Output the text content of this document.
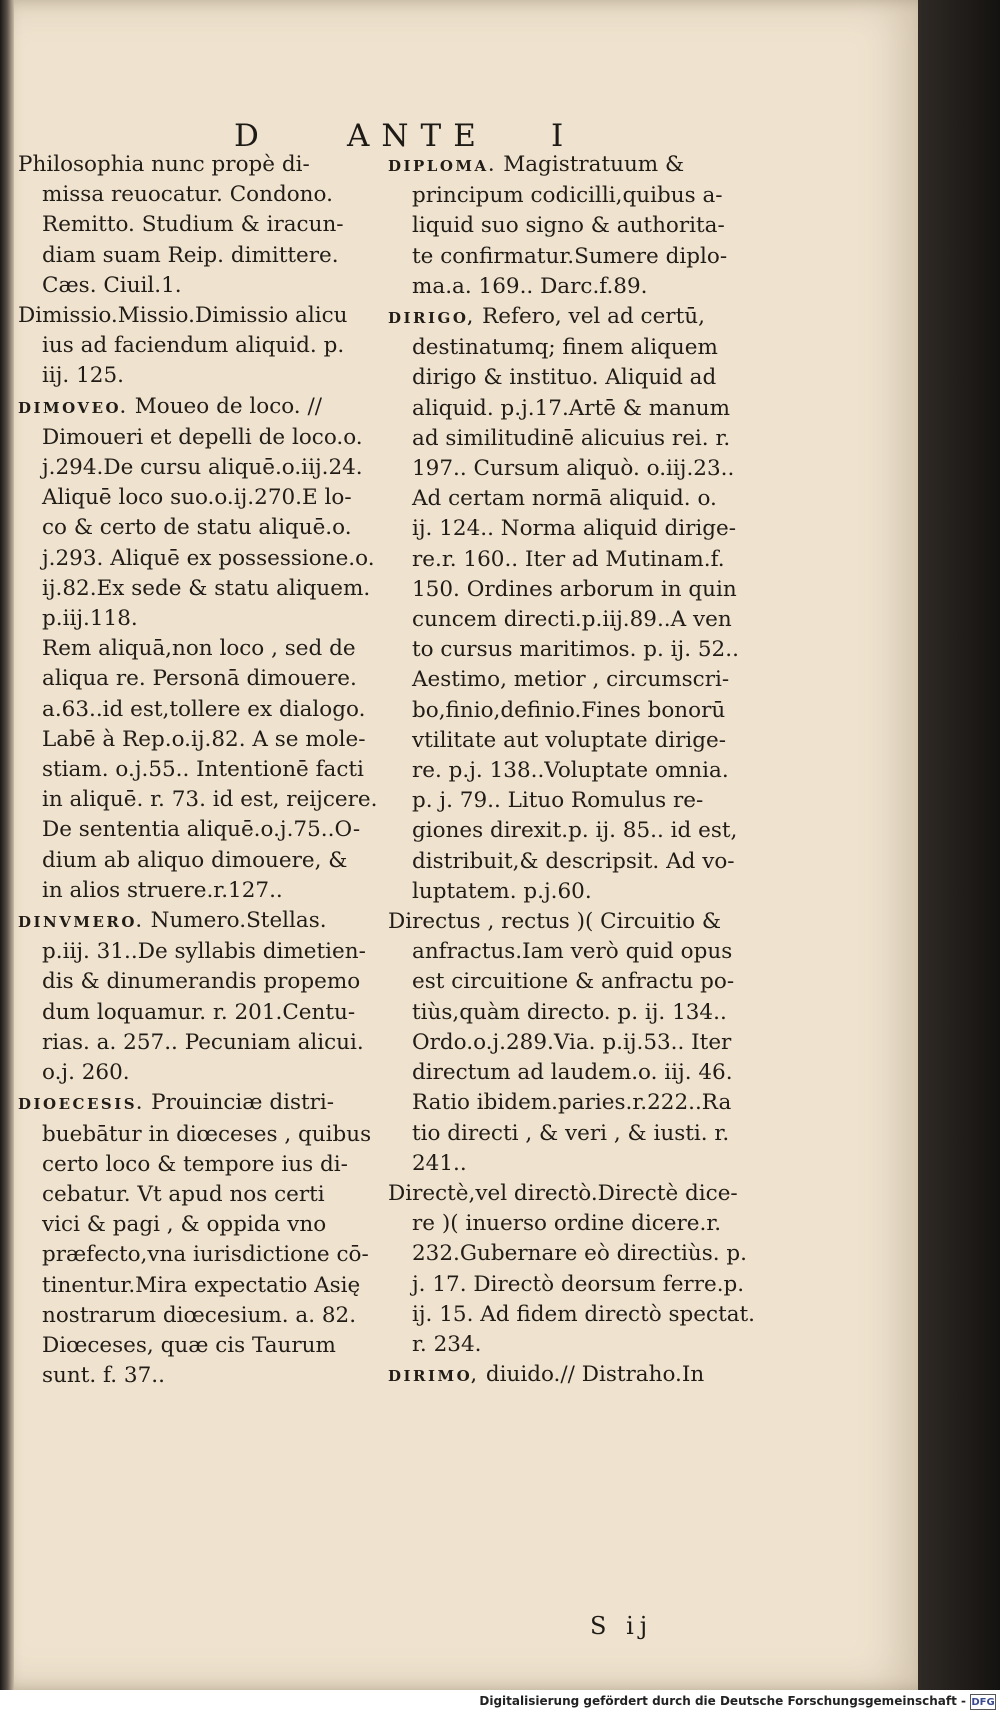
D	ANTE I
Philosophia nunc propè di-
missa reuocatur. Condono.
Remitto. Studium & iracun-
diam suam Reip. dimittere.
Cæs. Ciuil.1.
Dimissio.Missio.Dimissio alicu
ius ad faciendum aliquid. p.
iij. 125.
DIMOVEO. Moueo de loco. //
Dimoueri et depelli de loco.o.
j.294.De cursu aliquē.o.iij.24.
Aliquē loco suo.o.ij.270.E lo-
co & certo de statu aliquē.o.
j.293. Aliquē ex possessione.o.
ij.82.Ex sede & statu aliquem.
p.iij.118.
Rem aliquā,non loco , sed de
aliqua re. Personā dimouere.
a.63..id est,tollere ex dialogo.
Labē à Rep.o.ij.82. A se mole-
stiam. o.j.55.. Intentionē facti
in aliquē. r. 73. id est, reijcere.
De sententia aliquē.o.j.75..O-
dium ab aliquo dimouere, &
in alios struere.r.127..
DINVMERO. Numero.Stellas.
p.iij. 31..De syllabis dimetien-
dis & dinumerandis propemo
dum loquamur. r. 201.Centu-
rias. a. 257.. Pecuniam alicui.
o.j. 260.
DIOECESIS. Prouinciæ distri-
buebātur in diœceses , quibus
certo loco & tempore ius di-
cebatur. Vt apud nos certi
vici & pagi , & oppida vno
præfecto,vna iurisdictione cō-
tinentur.Mira expectatio Asię
nostrarum diœcesium. a. 82.
Diœceses, quæ cis Taurum
sunt. f. 37..
DIPLOMA. Magistratuum &
principum codicilli,quibus a-
liquid suo signo & authorita-
te confirmatur.Sumere diplo-
ma.a. 169.. Darc.f.89.
DIRIGO, Refero, vel ad certū,
destinatumq; finem aliquem
dirigo & instituo. Aliquid ad
aliquid. p.j.17.Artē & manum
ad similitudinē alicuius rei. r.
197.. Cursum aliquò. o.iij.23..
Ad certam normā aliquid. o.
ij. 124.. Norma aliquid dirige-
re.r. 160.. Iter ad Mutinam.f.
150. Ordines arborum in quin
cuncem directi.p.iij.89..A ven
to cursus maritimos. p. ij. 52..
Aestimo, metior , circumscri-
bo,finio,definio.Fines bonorū
vtilitate aut voluptate dirige-
re. p.j. 138..Voluptate omnia.
p. j. 79.. Lituo Romulus re-
giones direxit.p. ij. 85.. id est,
distribuit,& descripsit. Ad vo-
luptatem. p.j.60.
Directus , rectus )( Circuitio &
anfractus.Iam verò quid opus
est circuitione & anfractu po-
tiùs,quàm directo. p. ij. 134..
Ordo.o.j.289.Via. p.ij.53.. Iter
directum ad laudem.o. iij. 46.
Ratio ibidem.paries.r.222..Ra
tio directi , & veri , & iusti. r.
241..
Directè,vel directò.Directè dice-
re )( inuerso ordine dicere.r.
232.Gubernare eò directiùs. p.
j. 17. Directò deorsum ferre.p.
ij. 15. Ad fidem directò spectat.
r. 234.
DIRIMO, diuido.// Distraho.In
S ij
Digitalisierung gefördert durch die Deutsche Forschungsgemeinschaft - DFG
